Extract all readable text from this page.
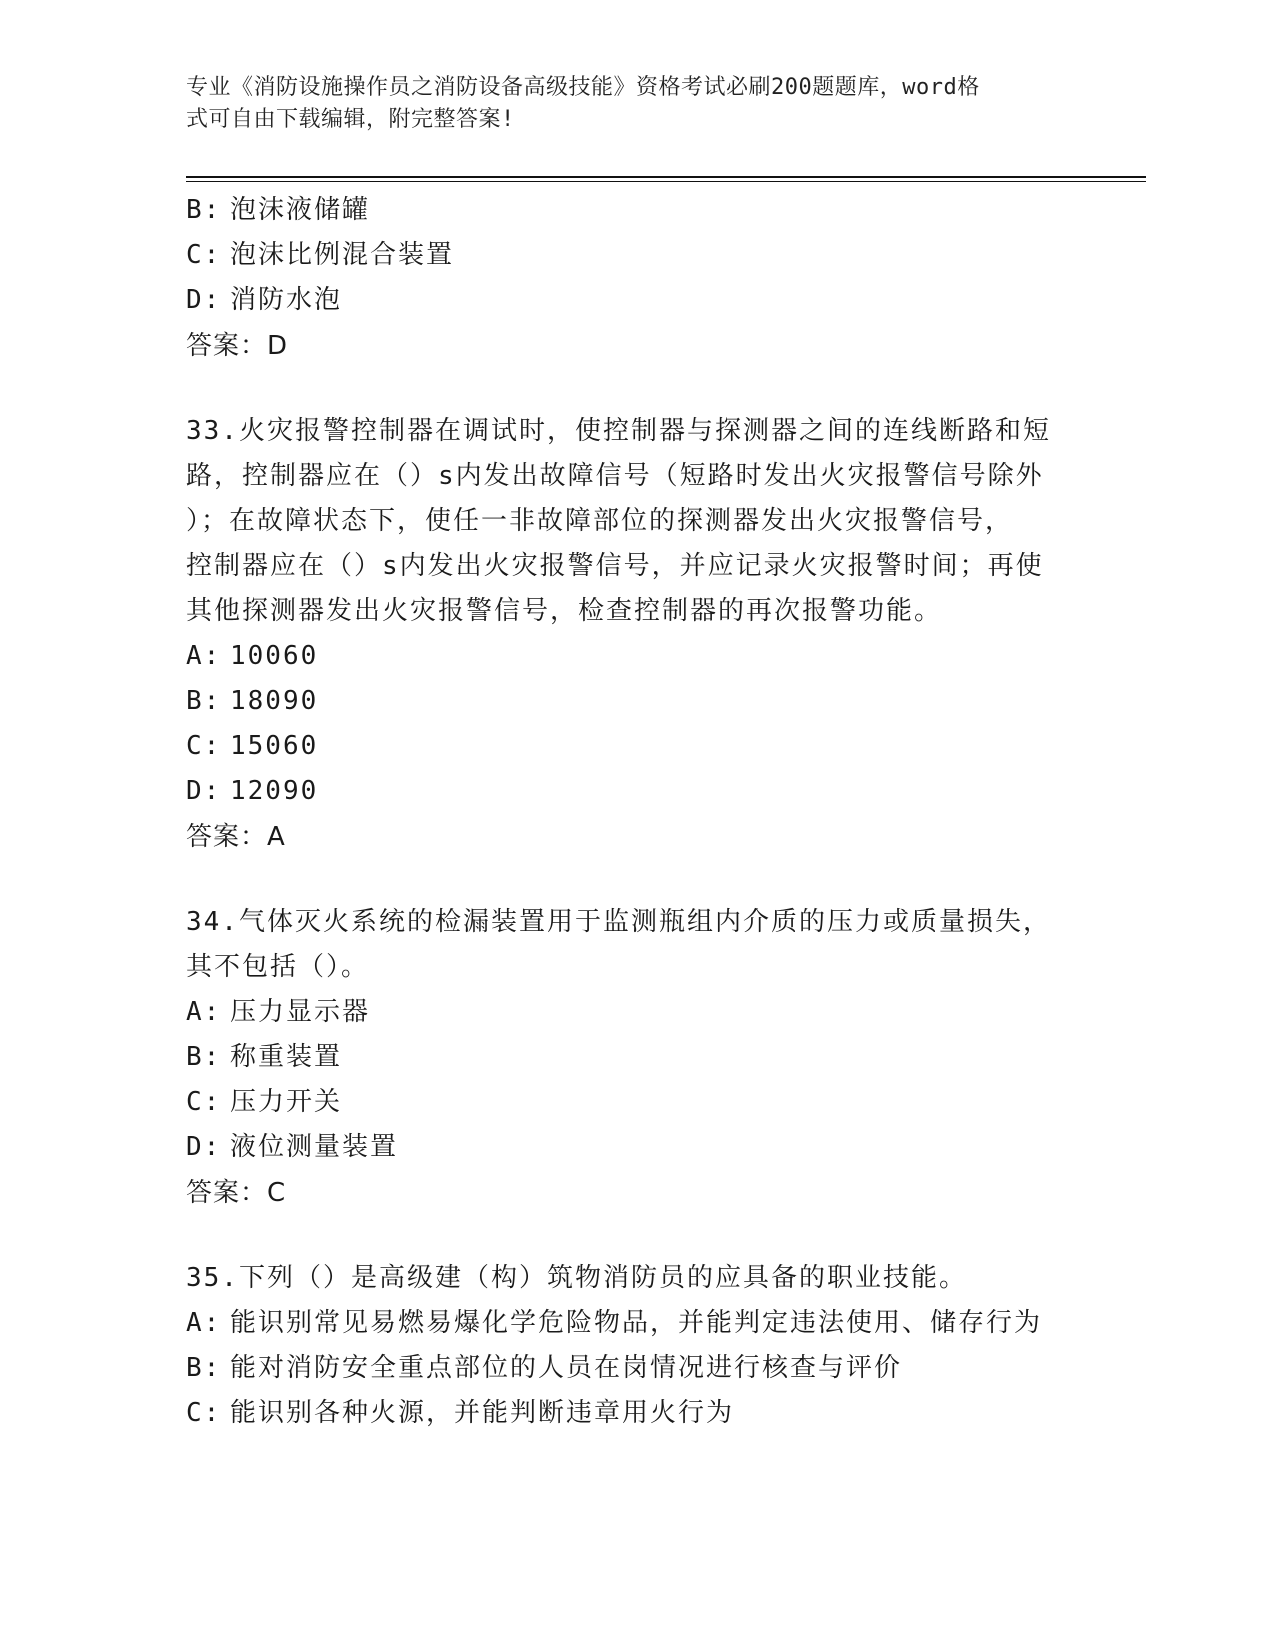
专业《消防设施操作员之消防设备高级技能》资格考试必刷200题题库，word格
式可自由下载编辑，附完整答案!
B: 泡沫液储罐
C: 泡沫比例混合装置
D: 消防水泡
答案：D
33.火灾报警控制器在调试时，使控制器与探测器之间的连线断路和短
路，控制器应在（）s内发出故障信号（短路时发出火灾报警信号除外
）；在故障状态下，使任一非故障部位的探测器发出火灾报警信号，
控制器应在（）s内发出火灾报警信号，并应记录火灾报警时间；再使
其他探测器发出火灾报警信号，检查控制器的再次报警功能。
A: 10060
B: 18090
C: 15060
D: 12090
答案：A
34.气体灭火系统的检漏装置用于监测瓶组内介质的压力或质量损失，
其不包括（）。
A: 压力显示器
B: 称重装置
C: 压力开关
D: 液位测量装置
答案：C
35.下列（）是高级建（构）筑物消防员的应具备的职业技能。
A: 能识别常见易燃易爆化学危险物品，并能判定违法使用、储存行为
B: 能对消防安全重点部位的人员在岗情况进行核查与评价
C: 能识别各种火源，并能判断违章用火行为
